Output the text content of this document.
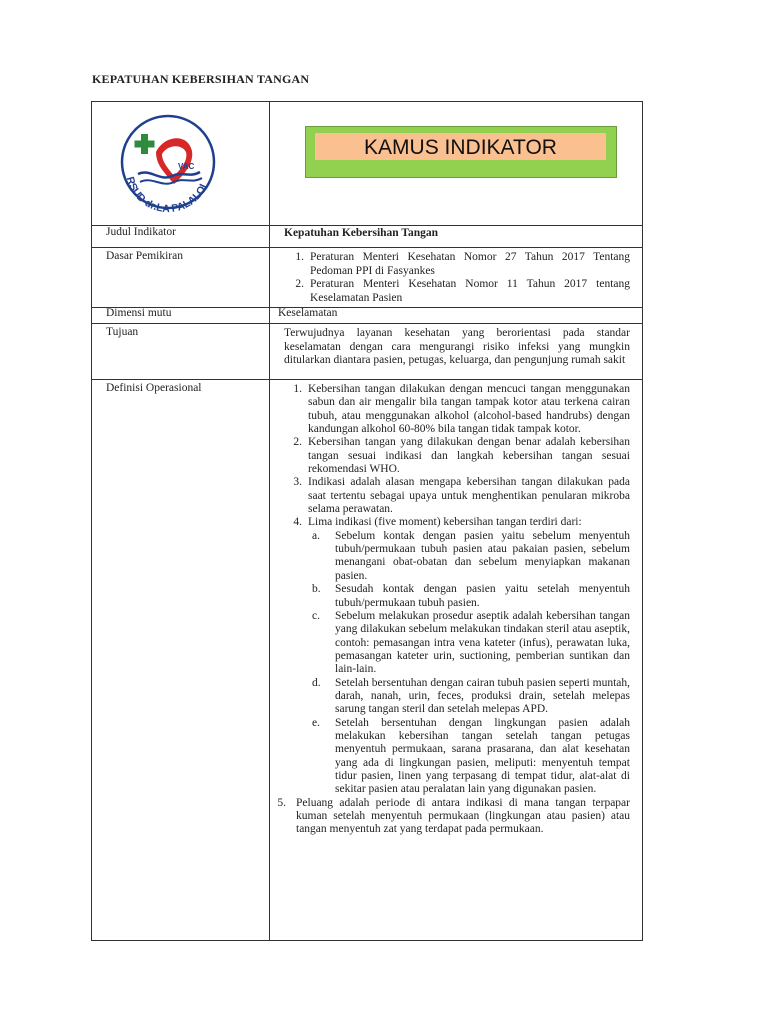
KEPATUHAN KEBERSIHAN TANGAN
VAC
RSUD dr.LA PALALOI
KAMUS INDIKATOR
Judul Indikator	Kepatuhan Kebersihan Tangan
Dasar Pemikiran	1. Peraturan Menteri Kesehatan Nomor 27 Tahun 2017 Tentang Pedoman PPI di Fasyankes
2. Peraturan Menteri Kesehatan Nomor 11 Tahun 2017 tentang Keselamatan Pasien
Dimensi mutu	Keselamatan
Tujuan	Terwujudnya layanan kesehatan yang berorientasi pada standar keselamatan dengan cara mengurangi risiko infeksi yang mungkin ditularkan diantara pasien, petugas, keluarga, dan pengunjung rumah sakit
Definisi Operasional	1. Kebersihan tangan dilakukan dengan mencuci tangan menggunakan sabun dan air mengalir bila tangan tampak kotor atau terkena cairan tubuh, atau menggunakan alkohol (alcohol-based handrubs) dengan kandungan alkohol 60-80% bila tangan tidak tampak kotor.
2. Kebersihan tangan yang dilakukan dengan benar adalah kebersihan tangan sesuai indikasi dan langkah kebersihan tangan sesuai rekomendasi WHO.
3. Indikasi adalah alasan mengapa kebersihan tangan dilakukan pada saat tertentu sebagai upaya untuk menghentikan penularan mikroba selama perawatan.
4. Lima indikasi (five moment) kebersihan tangan terdiri dari:
a. Sebelum kontak dengan pasien yaitu sebelum menyentuh tubuh/permukaan tubuh pasien atau pakaian pasien, sebelum menangani obat-obatan dan sebelum menyiapkan makanan pasien.
b. Sesudah kontak dengan pasien yaitu setelah menyentuh tubuh/permukaan tubuh pasien.
c. Sebelum melakukan prosedur aseptik adalah kebersihan tangan yang dilakukan sebelum melakukan tindakan steril atau aseptik, contoh: pemasangan intra vena kateter (infus), perawatan luka, pemasangan kateter urin, suctioning, pemberian suntikan dan lain-lain.
d. Setelah bersentuhan dengan cairan tubuh pasien seperti muntah, darah, nanah, urin, feces, produksi drain, setelah melepas sarung tangan steril dan setelah melepas APD.
e. Setelah bersentuhan dengan lingkungan pasien adalah melakukan kebersihan tangan setelah tangan petugas menyentuh permukaan, sarana prasarana, dan alat kesehatan yang ada di lingkungan pasien, meliputi: menyentuh tempat tidur pasien, linen yang terpasang di tempat tidur, alat-alat di sekitar pasien atau peralatan lain yang digunakan pasien.
5. Peluang adalah periode di antara indikasi di mana tangan terpapar kuman setelah menyentuh permukaan (lingkungan atau pasien) atau tangan menyentuh zat yang terdapat pada permukaan.
